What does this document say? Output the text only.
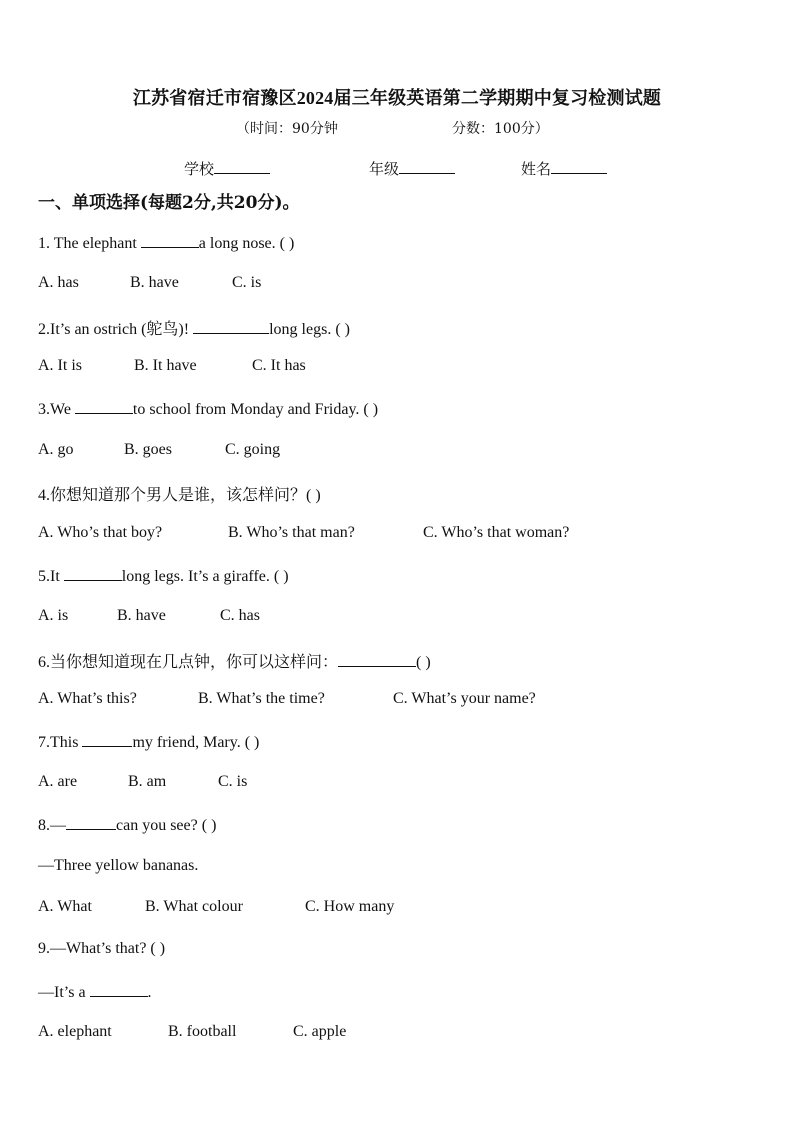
江苏省宿迁市宿豫区2024届三年级英语第二学期期中复习检测试题
（时间：90分钟	分数：100分）
学校	年级	姓名
一、单项选择(每题2分,共20分)。
1. The elephant	a long nose. ( )
A. has	B. have	C. is
2.It’s an ostrich (鸵鸟)!	long legs. ( )
A. It is	B. It have	C. It has
3.We	to school from Monday and Friday. ( )
A. go	B. goes	C. going
4.你想知道那个男人是谁，该怎样问？( )
A. Who’s that boy?	B. Who’s that man?	C. Who’s that woman?
5.It	long legs. It’s a giraffe. ( )
A. is	B. have	C. has
6.当你想知道现在几点钟，你可以这样问：	( )
A. What’s this?	B. What’s the time?	C. What’s your name?
7.This	my friend, Mary. ( )
A. are	B. am	C. is
8.—	can you see? ( )
—Three yellow bananas.
A. What	B. What colour	C. How many
9.—What’s that? ( )
—It’s a	.
A. elephant	B. football	C. apple
